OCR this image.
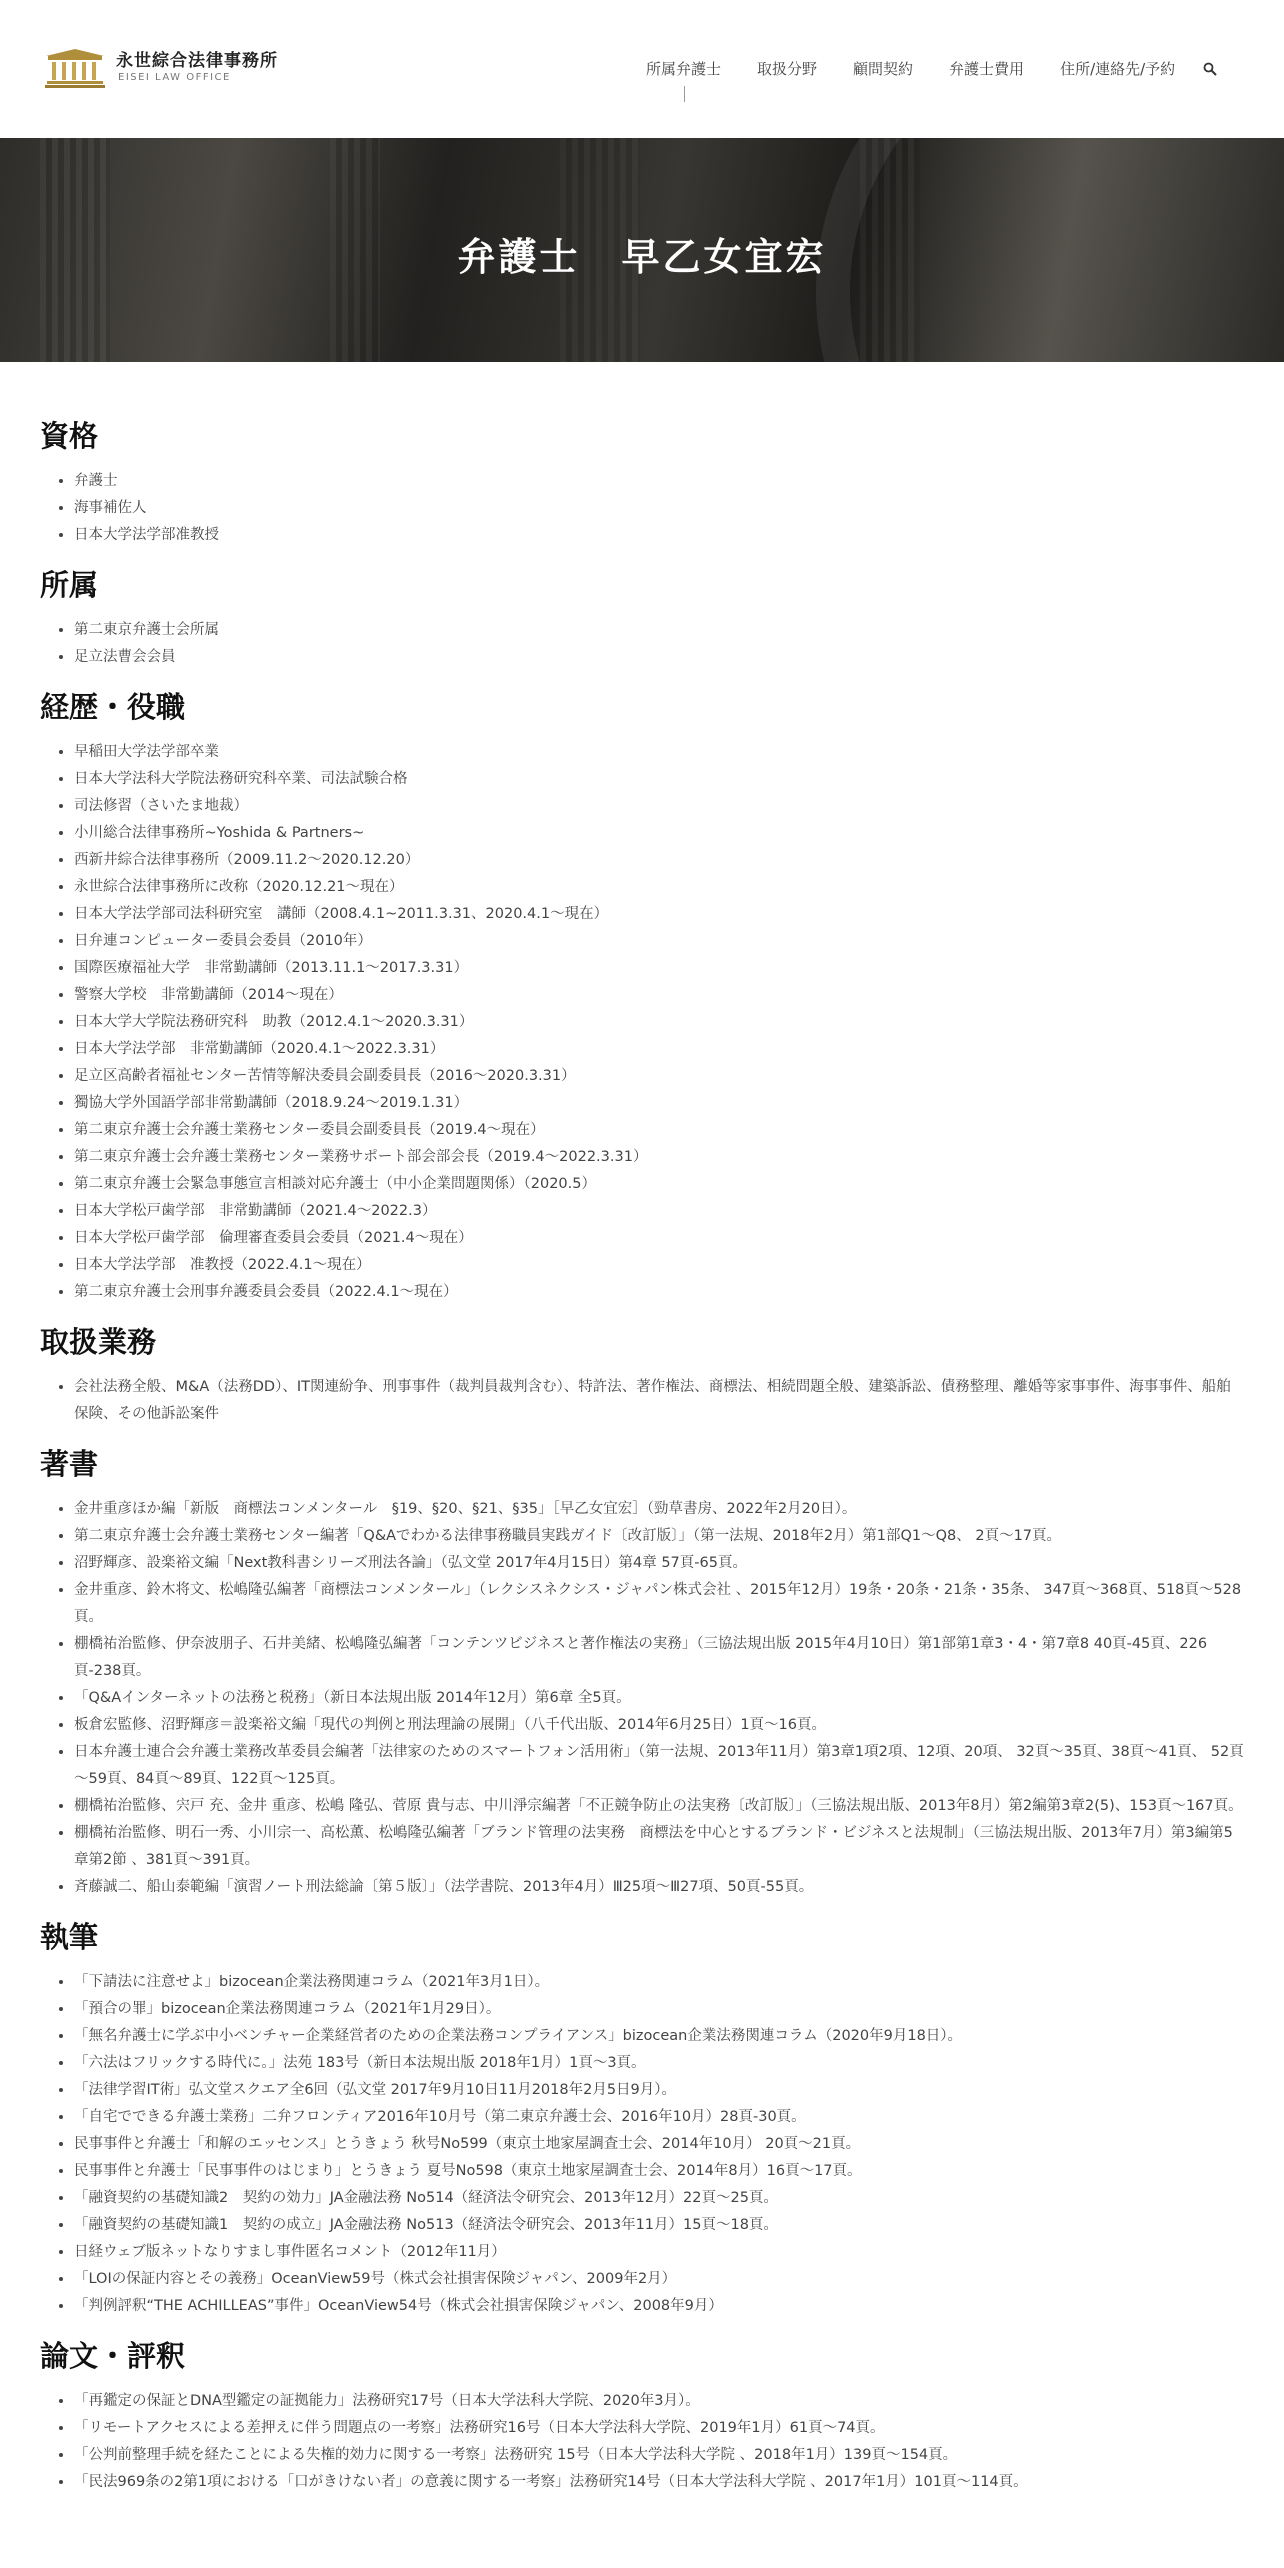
永世綜合法律事務所
EISEI LAW OFFICE	所属弁護士 取扱分野 顧問契約 弁護士費用 住所/連絡先/予約
弁護士　早乙女宜宏
資格
• 弁護士
• 海事補佐人
• 日本大学法学部准教授
所属
• 第二東京弁護士会所属
• 足立法曹会会員
経歴・役職
• 早稲田大学法学部卒業
• 日本大学法科大学院法務研究科卒業、司法試験合格
• 司法修習（さいたま地裁）
• 小川総合法律事務所~Yoshida & Partners~
• 西新井綜合法律事務所（2009.11.2～2020.12.20）
• 永世綜合法律事務所に改称（2020.12.21～現在）
• 日本大学法学部司法科研究室　講師（2008.4.1~2011.3.31、2020.4.1～現在）
• 日弁連コンピューター委員会委員（2010年）
• 国際医療福祉大学　非常勤講師（2013.11.1～2017.3.31）
• 警察大学校　非常勤講師（2014～現在）
• 日本大学大学院法務研究科　助教（2012.4.1～2020.3.31）
• 日本大学法学部　非常勤講師（2020.4.1～2022.3.31）
• 足立区高齢者福祉センター苦情等解決委員会副委員長（2016～2020.3.31）
• 獨協大学外国語学部非常勤講師（2018.9.24～2019.1.31）
• 第二東京弁護士会弁護士業務センター委員会副委員長（2019.4～現在）
• 第二東京弁護士会弁護士業務センター業務サポート部会部会長（2019.4～2022.3.31）
• 第二東京弁護士会緊急事態宣言相談対応弁護士（中小企業問題関係）（2020.5）
• 日本大学松戸歯学部　非常勤講師（2021.4～2022.3）
• 日本大学松戸歯学部　倫理審査委員会委員（2021.4～現在）
• 日本大学法学部　准教授（2022.4.1～現在）
• 第二東京弁護士会刑事弁護委員会委員（2022.4.1～現在）
取扱業務
• 会社法務全般、M&A（法務DD）、IT関連紛争、刑事事件（裁判員裁判含む）、特許法、著作権法、商標法、相続問題全般、建築訴訟、債務整理、離婚等家事事件、海事事件、船舶保険、その他訴訟案件
著書
• 金井重彦ほか編「新版　商標法コンメンタール　§19、§20、§21、§35」［早乙女宜宏］（勁草書房、2022年2月20日）。
• 第二東京弁護士会弁護士業務センター編著「Q&Aでわかる法律事務職員実践ガイド〔改訂版〕」（第一法規、2018年2月）第1部Q1～Q8、 2頁～17頁。
• 沼野輝彦、設楽裕文編「Next教科書シリーズ刑法各論」（弘文堂 2017年4月15日）第4章 57頁-65頁。
• 金井重彦、鈴木将文、松嶋隆弘編著「商標法コンメンタール」（レクシスネクシス・ジャパン株式会社 、2015年12月）19条・20条・21条・35条、 347頁～368頁、518頁～528頁。
• 棚橋祐治監修、伊奈波朋子、石井美緒、松嶋隆弘編著「コンテンツビジネスと著作権法の実務」（三協法規出版 2015年4月10日）第1部第1章3・4・第7章8 40頁-45頁、226頁-238頁。
• 「Q&Aインターネットの法務と税務」（新日本法規出版 2014年12月）第6章 全5頁。
• 板倉宏監修、沼野輝彦＝設楽裕文編「現代の判例と刑法理論の展開」（八千代出版、2014年6月25日）1頁～16頁。
• 日本弁護士連合会弁護士業務改革委員会編著「法律家のためのスマートフォン活用術」（第一法規、2013年11月）第3章1項2項、12項、20項、 32頁～35頁、38頁～41頁、 52頁～59頁、84頁～89頁、122頁～125頁。
• 棚橋祐治監修、宍戸 充、金井 重彦、松嶋 隆弘、菅原 貴与志、中川淨宗編著「不正競争防止の法実務〔改訂版〕」（三協法規出版、2013年8月）第2編第3章2(5)、153頁～167頁。
• 棚橋祐治監修、明石一秀、小川宗一、高松薫、松嶋隆弘編著「ブランド管理の法実務　商標法を中心とするブランド・ビジネスと法規制」（三協法規出版、2013年7月）第3編第5章第2節 、381頁～391頁。
• 斉藤誠二、船山泰範編「演習ノート刑法総論〔第５版〕」（法学書院、2013年4月）Ⅲ25項～Ⅲ27項、50頁-55頁。
執筆
• 「下請法に注意せよ」bizocean企業法務関連コラム（2021年3月1日）。
• 「預合の罪」bizocean企業法務関連コラム（2021年1月29日）。
• 「無名弁護士に学ぶ中小ベンチャー企業経営者のための企業法務コンプライアンス」bizocean企業法務関連コラム（2020年9月18日）。
• 「六法はフリックする時代に。」法苑 183号（新日本法規出版 2018年1月）1頁～3頁。
• 「法律学習IT術」弘文堂スクエア全6回（弘文堂 2017年9月10日11月2018年2月5日9月）。
• 「自宅でできる弁護士業務」二弁フロンティア2016年10月号（第二東京弁護士会、2016年10月）28頁-30頁。
• 民事事件と弁護士「和解のエッセンス」とうきょう 秋号No599（東京土地家屋調査士会、2014年10月） 20頁～21頁。
• 民事事件と弁護士「民事事件のはじまり」とうきょう 夏号No598（東京土地家屋調査士会、2014年8月）16頁～17頁。
• 「融資契約の基礎知識2　契約の効力」JA金融法務 No514（経済法令研究会、2013年12月）22頁～25頁。
• 「融資契約の基礎知識1　契約の成立」JA金融法務 No513（経済法令研究会、2013年11月）15頁～18頁。
• 日経ウェブ版ネットなりすまし事件匿名コメント（2012年11月）
• 「LOIの保証内容とその義務」OceanView59号（株式会社損害保険ジャパン、2009年2月）
• 「判例評釈“THE ACHILLEAS”事件」OceanView54号（株式会社損害保険ジャパン、2008年9月）
論文・評釈
• 「再鑑定の保証とDNA型鑑定の証拠能力」法務研究17号（日本大学法科大学院、2020年3月）。
• 「リモートアクセスによる差押えに伴う問題点の一考察」法務研究16号（日本大学法科大学院、2019年1月）61頁～74頁。
• 「公判前整理手続を経たことによる失権的効力に関する一考察」法務研究 15号（日本大学法科大学院 、2018年1月）139頁～154頁。
• 「民法969条の2第1項における「口がきけない者」の意義に関する一考察」法務研究14号（日本大学法科大学院 、2017年1月）101頁～114頁。
